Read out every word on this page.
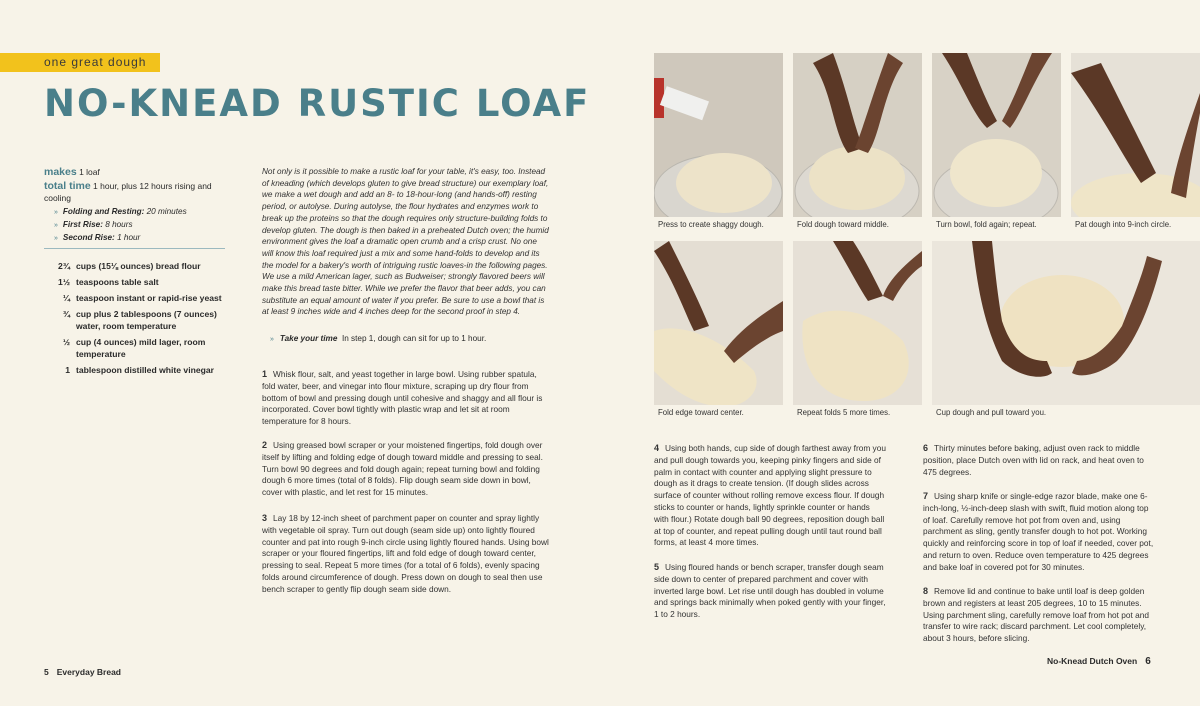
one great dough
NO-KNEAD RUSTIC LOAF
makes 1 loaf
total time 1 hour, plus 12 hours rising and cooling
» Folding and Resting: 20 minutes
» First Rise: 8 hours
» Second Rise: 1 hour
2¾ cups (15⅛ ounces) bread flour
1½ teaspoons table salt
¼ teaspoon instant or rapid-rise yeast
¾ cup plus 2 tablespoons (7 ounces) water, room temperature
½ cup (4 ounces) mild lager, room temperature
1 tablespoon distilled white vinegar
Not only is it possible to make a rustic loaf for your table, it's easy, too. Instead of kneading (which develops gluten to give bread structure) our exemplary loaf, we make a wet dough and add an 8- to 18-hour-long (and hands-off) resting period, or autolyse. During autolyse, the flour hydrates and enzymes work to break up the proteins so that the dough requires only structure-building folds to develop gluten. The dough is then baked in a preheated Dutch oven; the humid environment gives the loaf a dramatic open crumb and a crisp crust. No one will know this loaf required just a mix and some hand-folds to develop and its the model for a bakery's worth of intriguing rustic loaves-in the following pages. We use a mild American lager, such as Budweiser; strongly flavored beers will make this bread taste bitter. While we prefer the flavor that beer adds, you can substitute an equal amount of water if you prefer. Be sure to use a bowl that is at least 9 inches wide and 4 inches deep for the second proof in step 4.
» Take your time In step 1, dough can sit for up to 1 hour.
1 Whisk flour, salt, and yeast together in large bowl. Using rubber spatula, fold water, beer, and vinegar into flour mixture, scraping up dry flour from bottom of bowl and pressing dough until cohesive and shaggy and all flour is incorporated. Cover bowl tightly with plastic wrap and let sit at room temperature for 8 hours.
2 Using greased bowl scraper or your moistened fingertips, fold dough over itself by lifting and folding edge of dough toward middle and pressing to seal. Turn bowl 90 degrees and fold dough again; repeat turning bowl and folding dough 6 more times (total of 8 folds). Flip dough seam side down in bowl, cover with plastic, and let rest for 15 minutes.
3 Lay 18 by 12-inch sheet of parchment paper on counter and spray lightly with vegetable oil spray. Turn out dough (seam side up) onto lightly floured counter and pat into rough 9-inch circle using lightly floured hands. Using bowl scraper or your floured fingertips, lift and fold edge of dough toward center, pressing to seal. Repeat 5 more times (for a total of 6 folds), evenly spacing folds around circumference of dough. Press down on dough to seal then use bench scraper to gently flip dough seam side down.
5 Everyday Bread
Press to create shaggy dough.	Fold dough toward middle.	Turn bowl, fold again; repeat.	Pat dough into 9-inch circle.
Fold edge toward center.	Repeat folds 5 more times.	Cup dough and pull toward you.
4 Using both hands, cup side of dough farthest away from you and pull dough towards you, keeping pinky fingers and side of palm in contact with counter and applying slight pressure to dough as it drags to create tension. (If dough slides across surface of counter without rolling remove excess flour. If dough sticks to counter or hands, lightly sprinkle counter or hands with flour.) Rotate dough ball 90 degrees, reposition dough ball at top of counter, and repeat pulling dough until taut round ball forms, at least 4 more times.
5 Using floured hands or bench scraper, transfer dough seam side down to center of prepared parchment and cover with inverted large bowl. Let rise until dough has doubled in volume and springs back minimally when poked gently with your finger, 1 to 2 hours.
6 Thirty minutes before baking, adjust oven rack to middle position, place Dutch oven with lid on rack, and heat oven to 475 degrees.
7 Using sharp knife or single-edge razor blade, make one 6-inch-long, ½-inch-deep slash with swift, fluid motion along top of loaf. Carefully remove hot pot from oven and, using parchment as sling, gently transfer dough to hot pot. Working quickly and reinforcing score in top of loaf if needed, cover pot, and return to oven. Reduce oven temperature to 425 degrees and bake loaf in covered pot for 30 minutes.
8 Remove lid and continue to bake until loaf is deep golden brown and registers at least 205 degrees, 10 to 15 minutes. Using parchment sling, carefully remove loaf from hot pot and transfer to wire rack; discard parchment. Let cool completely, about 3 hours, before slicing.
No-Knead Dutch Oven 6
